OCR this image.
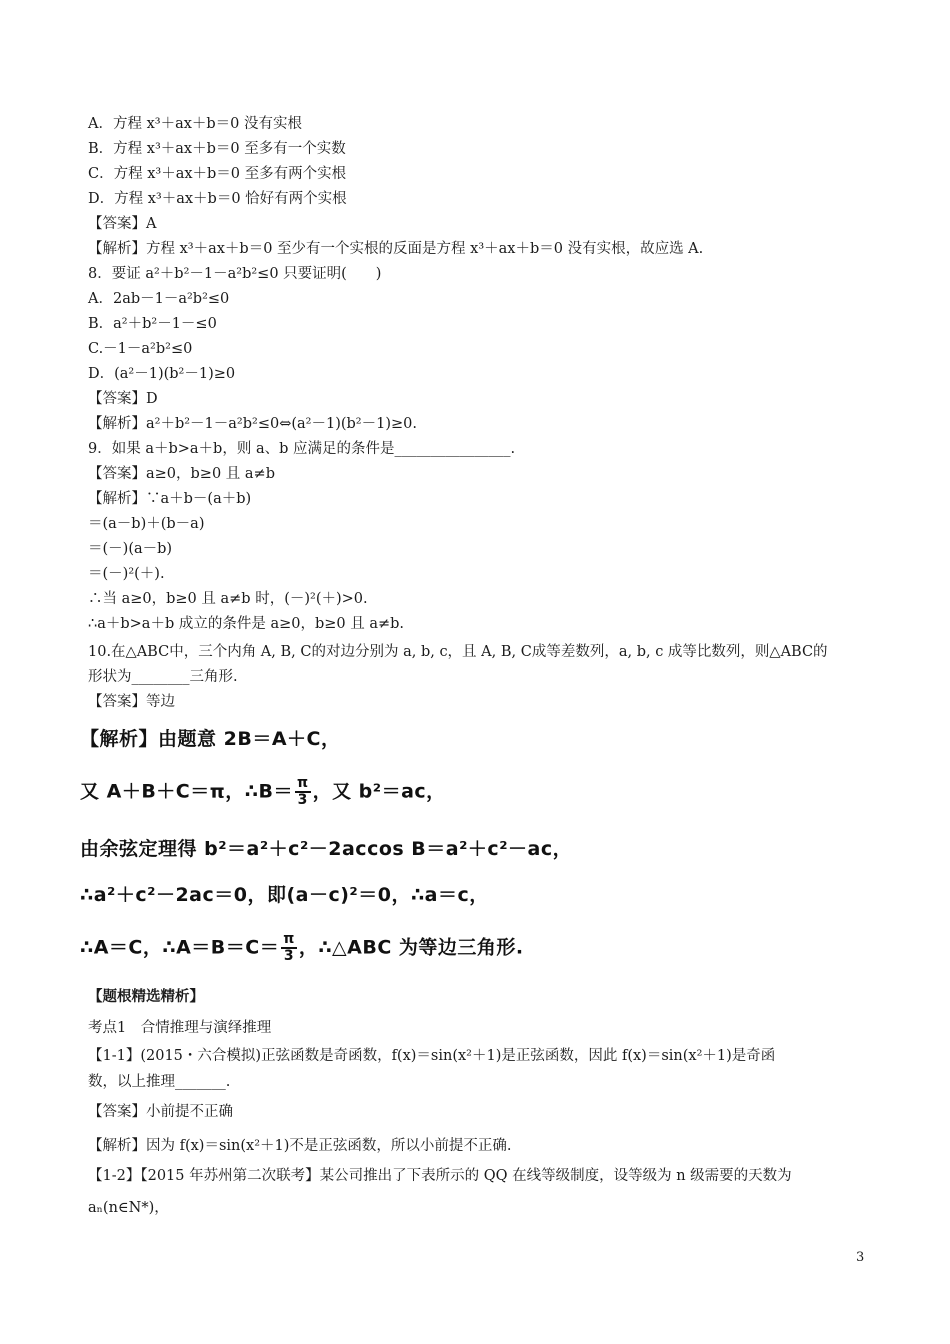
A．方程 x³＋ax＋b＝0 没有实根
B．方程 x³＋ax＋b＝0 至多有一个实数
C．方程 x³＋ax＋b＝0 至多有两个实根
D．方程 x³＋ax＋b＝0 恰好有两个实根
【答案】A
【解析】方程 x³＋ax＋b＝0 至少有一个实根的反面是方程 x³＋ax＋b＝0 没有实根，故应选 A.
8．要证 a²＋b²－1－a²b²≤0 只要证明(　　)
A．2ab－1－a²b²≤0
B．a²＋b²－1－≤0
C.－1－a²b²≤0
D．(a²－1)(b²－1)≥0
【答案】D
【解析】a²＋b²－1－a²b²≤0⇔(a²－1)(b²－1)≥0.
9．如果 a＋b>a＋b，则 a、b 应满足的条件是________________.
【答案】a≥0，b≥0 且 a≠b
【解析】∵a＋b－(a＋b)
＝(a－b)＋(b－a)
＝(－)(a－b)
＝(－)²(＋).
∴当 a≥0，b≥0 且 a≠b 时，(－)²(＋)>0.
∴a＋b>a＋b 成立的条件是 a≥0，b≥0 且 a≠b.
10.在△ABC中，三个内角 A, B, C的对边分别为 a, b, c，且 A, B, C成等差数列，a, b, c 成等比数列，则△ABC的
形状为________三角形.
【答案】等边
【题根精选精析】
考点1　合情推理与演绎推理
【1-1】(2015・六合模拟)正弦函数是奇函数，f(x)＝sin(x²＋1)是正弦函数，因此 f(x)＝sin(x²＋1)是奇函
数，以上推理_______.
【答案】小前提不正确
【解析】因为 f(x)＝sin(x²＋1)不是正弦函数，所以小前提不正确.
【1-2】【2015 年苏州第二次联考】某公司推出了下表所示的 QQ 在线等级制度，设等级为 n 级需要的天数为
aₙ(n∈N*)，
【解析】由题意 2B＝A＋C，
又 A＋B＋C＝π，∴B＝ $\frac{\pi}{3}$ ，又 b²＝ac，
由余弦定理得 b²＝a²＋c²－2accos B＝a²＋c²－ac，
∴a²＋c²－2ac＝0，即(a－c)²＝0，∴a＝c，
∴A＝C，∴A＝B＝C＝ $\frac{\pi}{3}$ ，∴△ABC 为等边三角形.
3
